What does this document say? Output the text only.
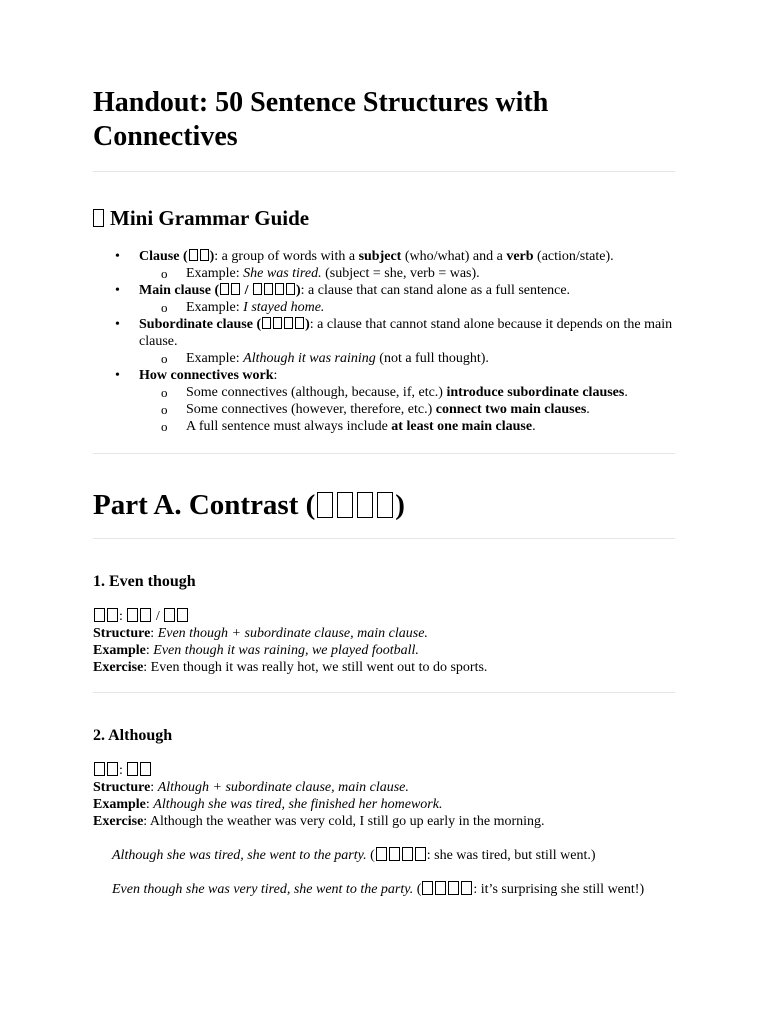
Handout: 50 Sentence Structures with Connectives
Mini Grammar Guide
• Clause ( ): a group of words with a subject (who/what) and a verb (action/state).
o Example: She was tired. (subject = she, verb = was).
• Main clause ( /	): a clause that can stand alone as a full sentence.
o Example: I stayed home.
• Subordinate clause (	): a clause that cannot stand alone because it depends on the main clause.
o Example: Although it was raining (not a full thought).
• How connectives work:
o Some connectives (although, because, if, etc.) introduce subordinate clauses.
o Some connectives (however, therefore, etc.) connect two main clauses.
o A full sentence must always include at least one main clause.
Part A. Contrast (	)
1. Even though
:  /
Structure: Even though + subordinate clause, main clause.
Example: Even though it was raining, we played football.
Exercise: Even though it was really hot, we still went out to do sports.
2. Although
:
Structure: Although + subordinate clause, main clause.
Example: Although she was tired, she finished her homework.
Exercise: Although the weather was very cold, I still go up early in the morning.
Although she was tired, she went to the party. (	: she was tired, but still went.)
Even though she was very tired, she went to the party. (	: it’s surprising she still went!)
